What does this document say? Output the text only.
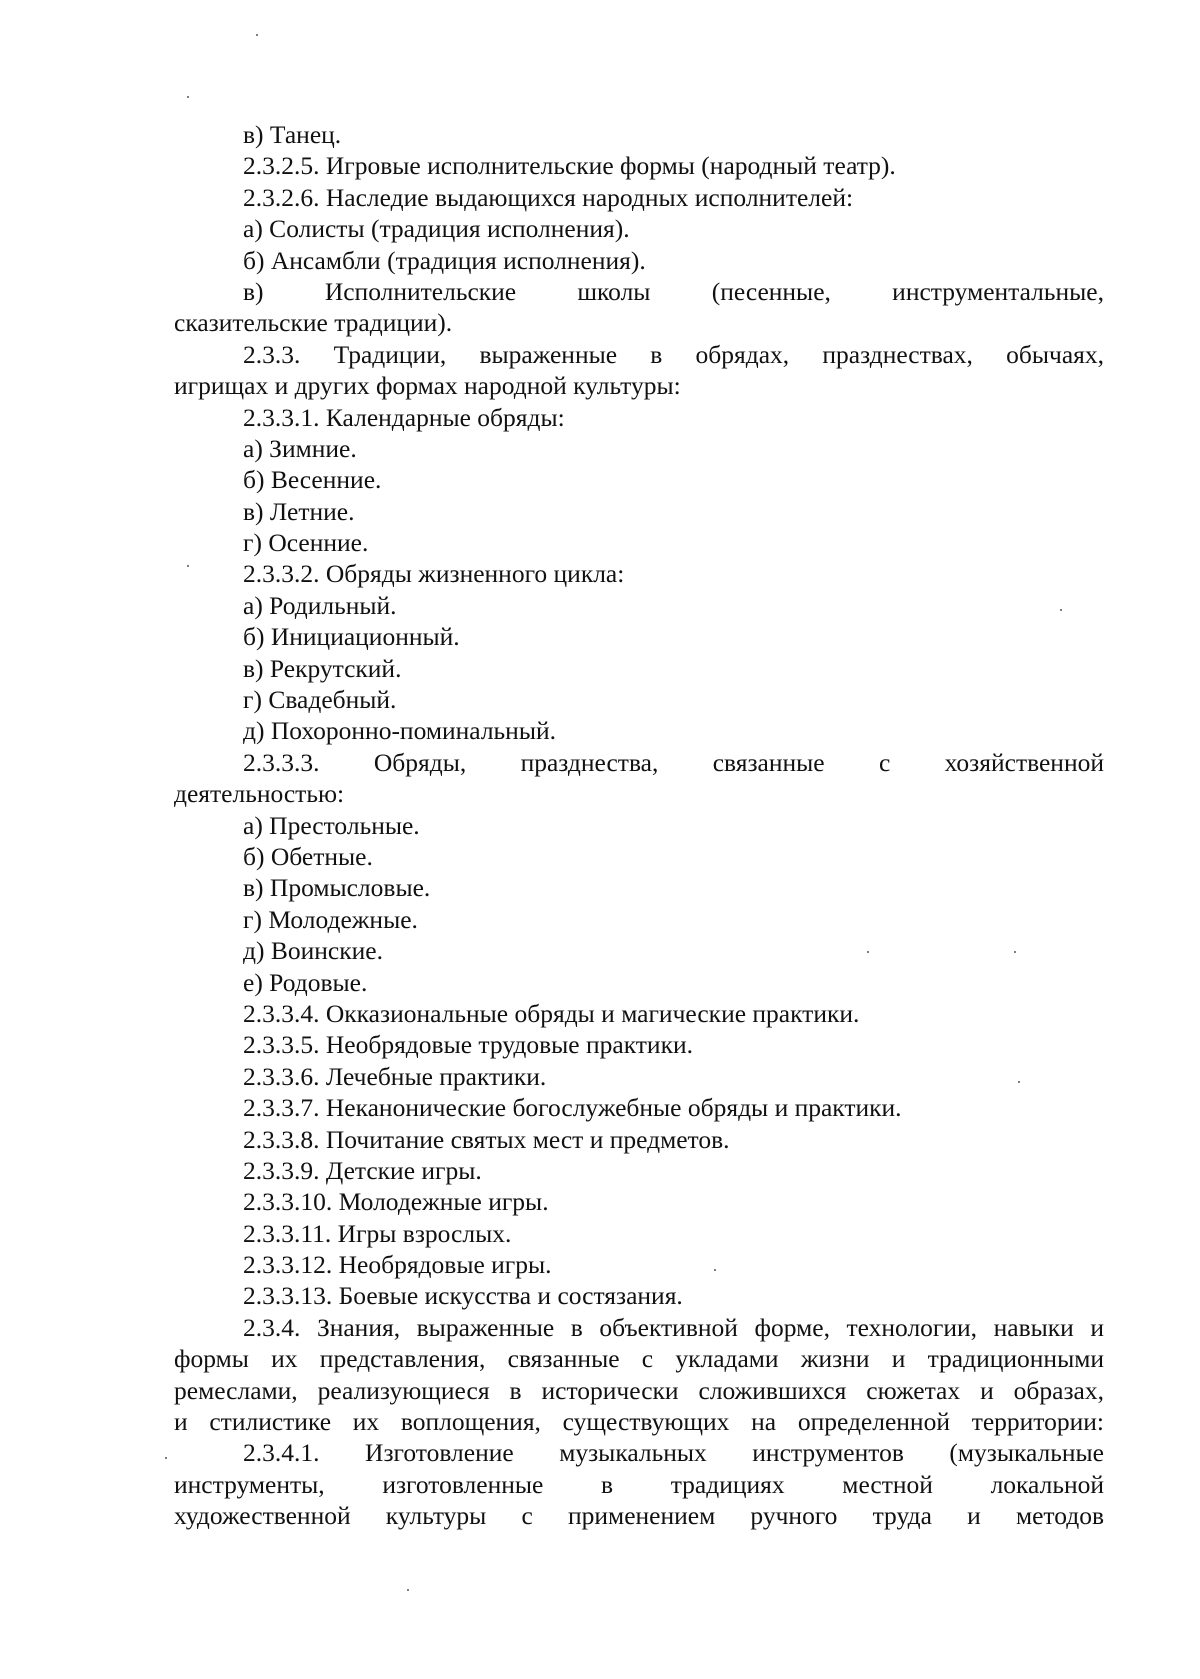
в) Танец.
2.3.2.5. Игровые исполнительские формы (народный театр).
2.3.2.6. Наследие выдающихся народных исполнителей:
а) Солисты (традиция исполнения).
б) Ансамбли (традиция исполнения).
в) Исполнительские школы (песенные, инструментальные,
сказительские традиции).
2.3.3. Традиции, выраженные в обрядах, празднествах, обычаях,
игрищах и других формах народной культуры:
2.3.3.1. Календарные обряды:
а) Зимние.
б) Весенние.
в) Летние.
г) Осенние.
2.3.3.2. Обряды жизненного цикла:
а) Родильный.
б) Инициационный.
в) Рекрутский.
г) Свадебный.
д) Похоронно-поминальный.
2.3.3.3. Обряды, празднества, связанные с хозяйственной
деятельностью:
а) Престольные.
б) Обетные.
в) Промысловые.
г) Молодежные.
д) Воинские.
е) Родовые.
2.3.3.4. Окказиональные обряды и магические практики.
2.3.3.5. Необрядовые трудовые практики.
2.3.3.6. Лечебные практики.
2.3.3.7. Неканонические богослужебные обряды и практики.
2.3.3.8. Почитание святых мест и предметов.
2.3.3.9. Детские игры.
2.3.3.10. Молодежные игры.
2.3.3.11. Игры взрослых.
2.3.3.12. Необрядовые игры.
2.3.3.13. Боевые искусства и состязания.
2.3.4. Знания, выраженные в объективной форме, технологии, навыки и
формы их представления, связанные с укладами жизни и традиционными
ремеслами, реализующиеся в исторически сложившихся сюжетах и образах,
и стилистике их воплощения, существующих на определенной территории:
2.3.4.1. Изготовление музыкальных инструментов (музыкальные
инструменты, изготовленные в традициях местной локальной
художественной культуры с применением ручного труда и методов
